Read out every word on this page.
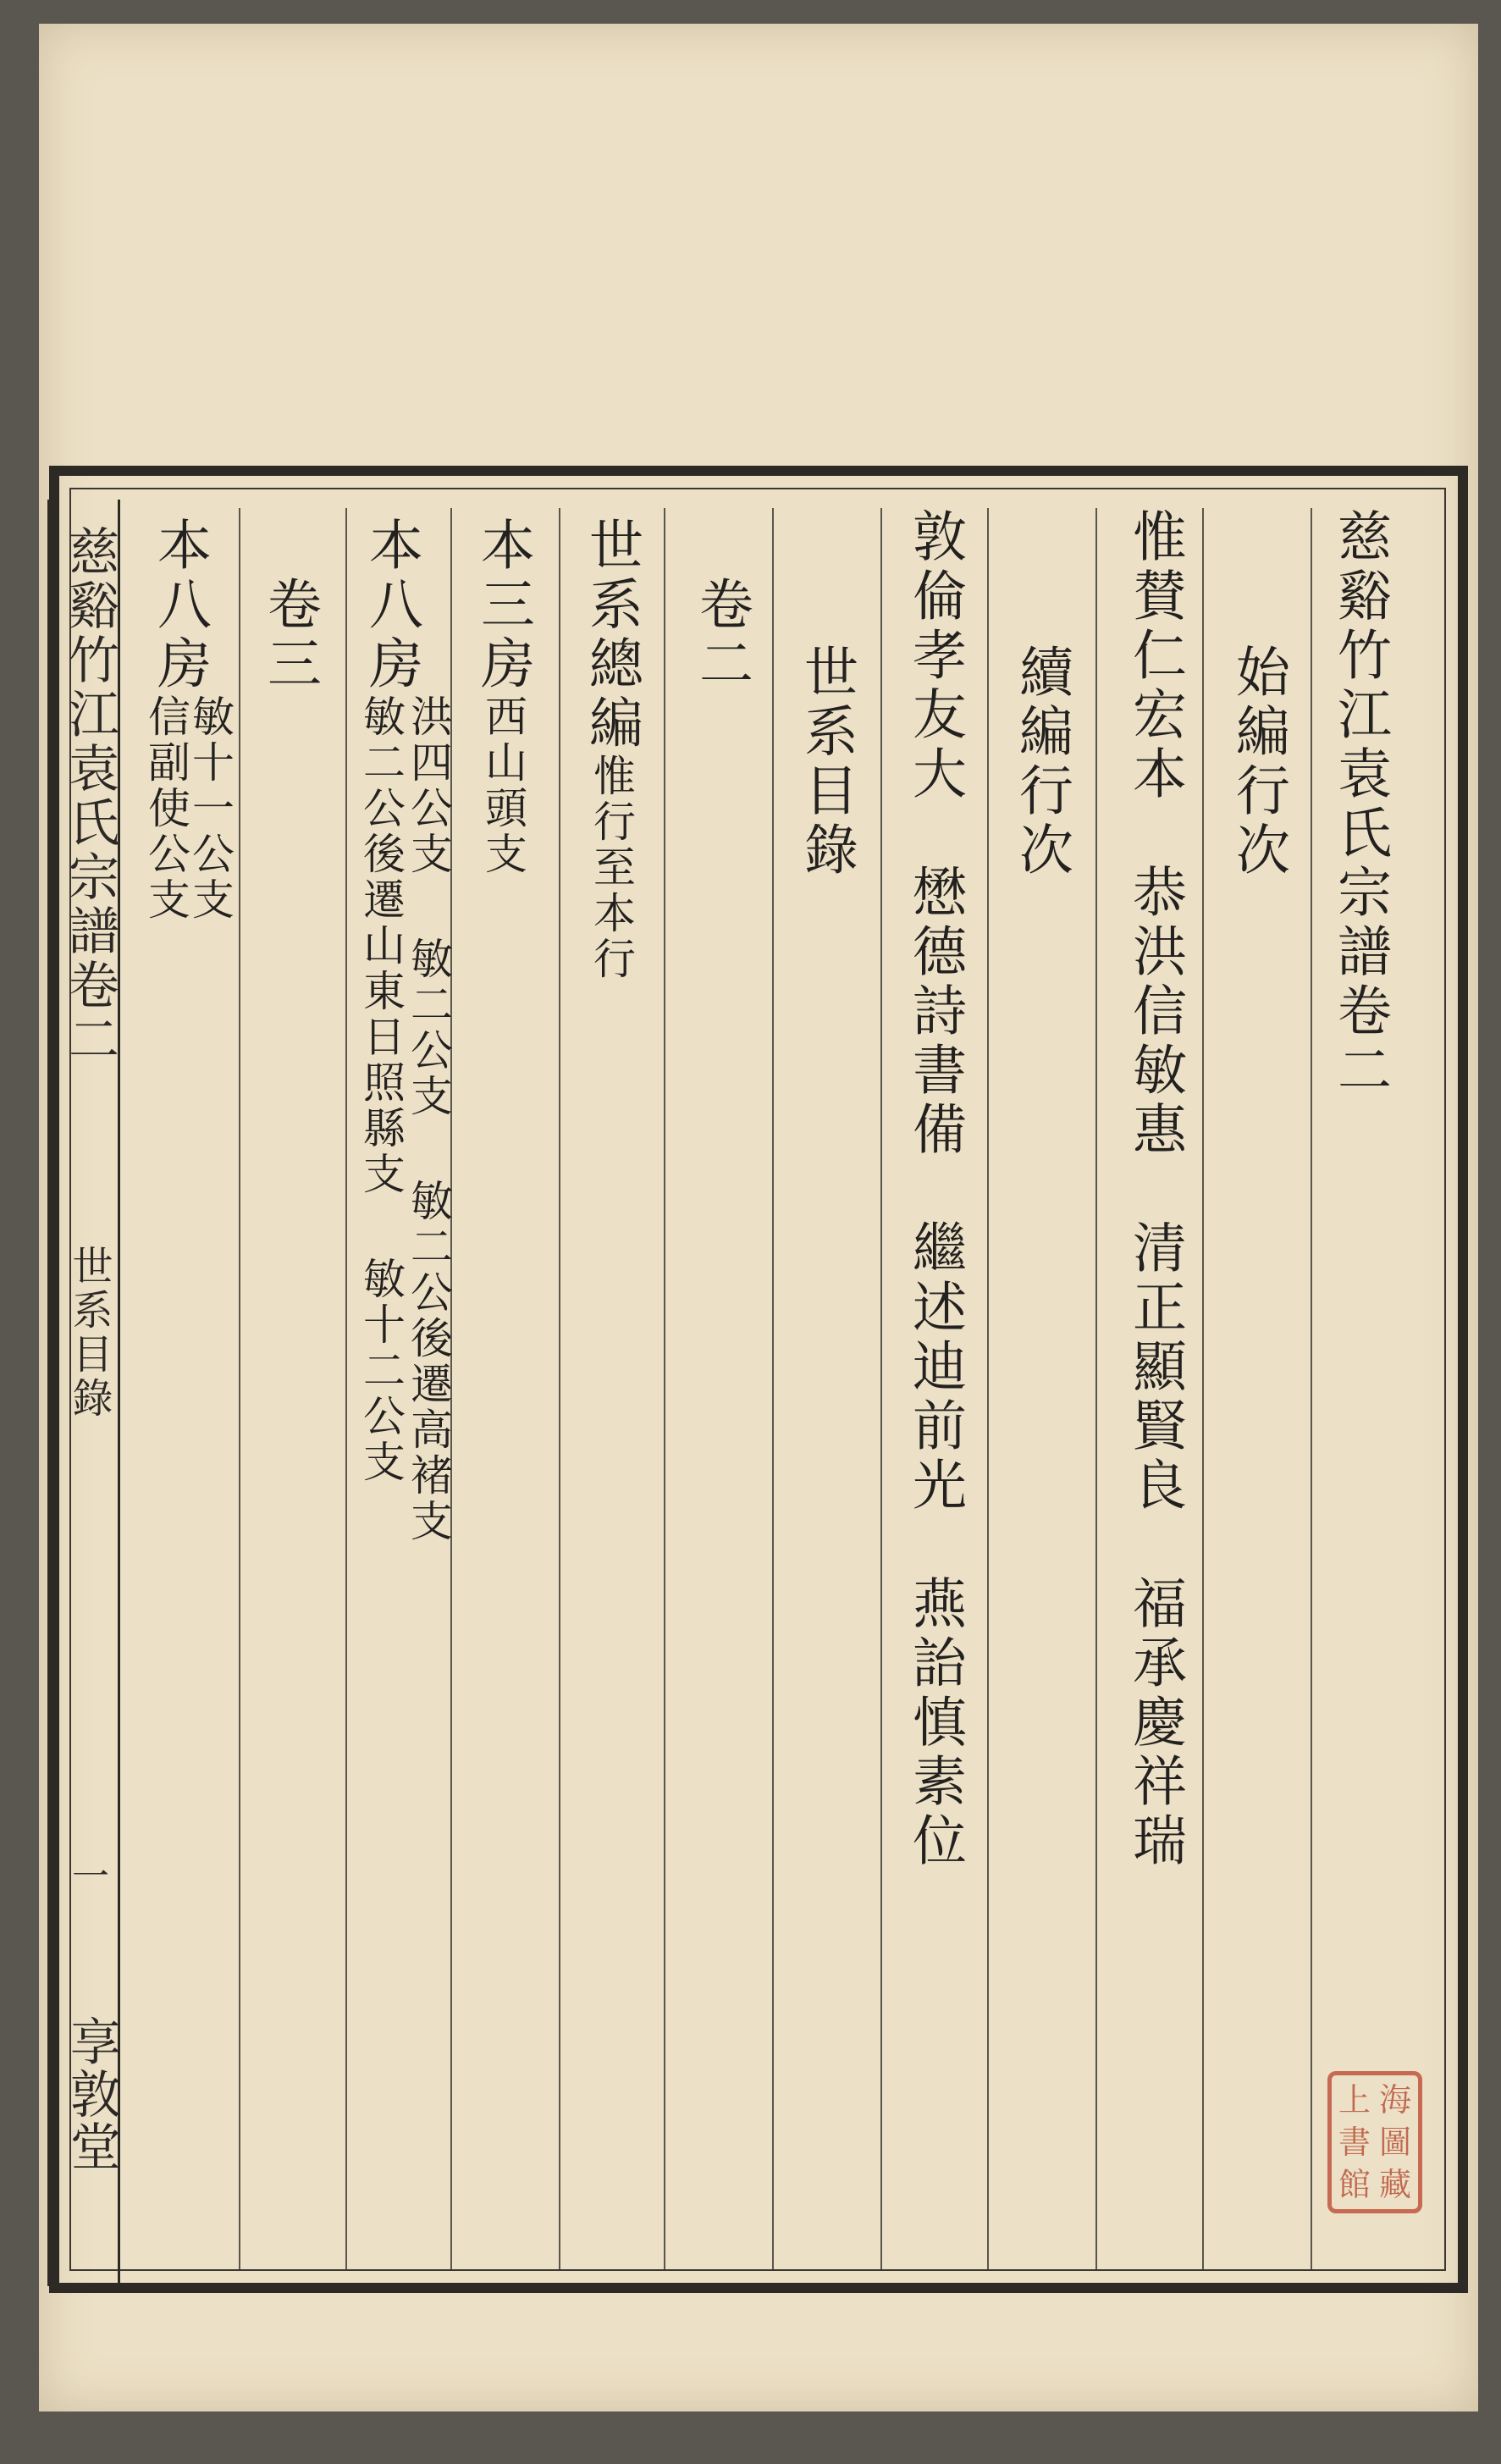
慈谿竹江袁氏宗譜卷二
始編行次
惟賛仁宏本恭洪信敏惠清正顯賢良福承慶祥瑞
續編行次
敦倫孝友大懋德詩書備繼述迪前光燕詒慎素位
世系目錄
卷二
世系總編惟行至本行
本三房西山頭支
本八房
洪四公支敏二公支敏二公後遷高褚支
敏二公後遷山東日照縣支敏十二公支
卷三
本八房
敏十一公支
信副使公支
慈谿竹江袁氏宗譜卷二
世系目錄
一
享敦堂	上 海
書 圖
館 藏
